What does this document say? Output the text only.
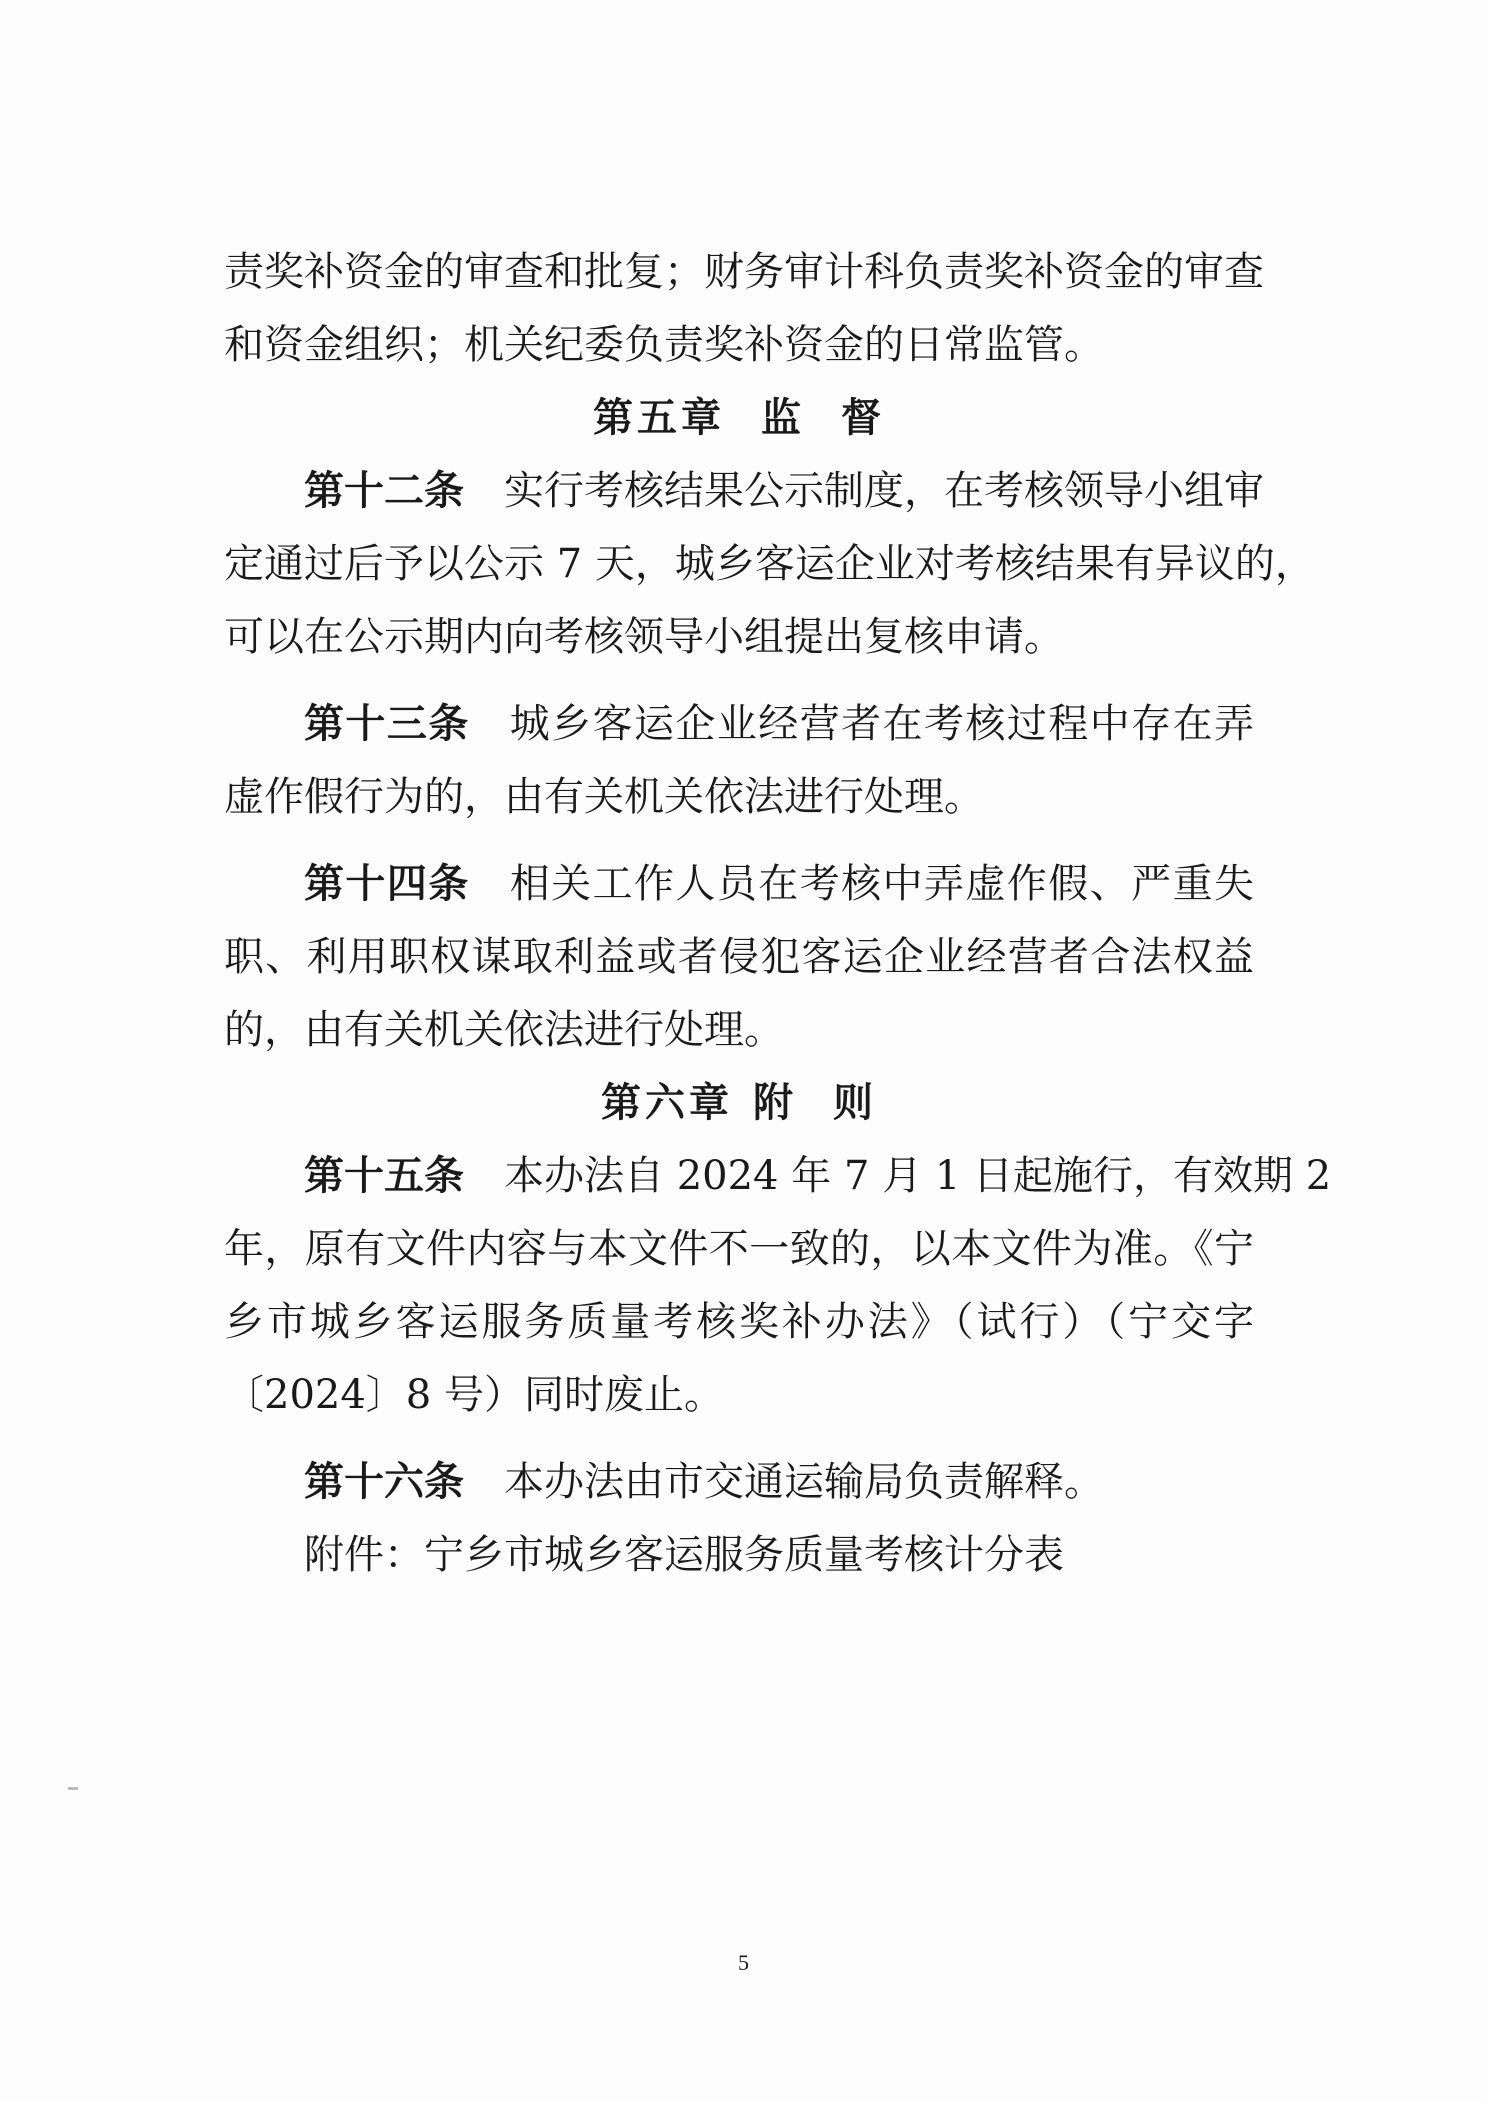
责奖补资金的审查和批复；财务审计科负责奖补资金的审查
和资金组织；机关纪委负责奖补资金的日常监管。
第五章 监 督
第十二条 实行考核结果公示制度，在考核领导小组审
定通过后予以公示 7 天，城乡客运企业对考核结果有异议的，
可以在公示期内向考核领导小组提出复核申请。
第十三条 城乡客运企业经营者在考核过程中存在弄
虚作假行为的，由有关机关依法进行处理。
第十四条 相关工作人员在考核中弄虚作假、严重失
职、利用职权谋取利益或者侵犯客运企业经营者合法权益
的，由有关机关依法进行处理。
第六章 附 则
第十五条 本办法自 2024 年 7 月 1 日起施行，有效期 2
年，原有文件内容与本文件不一致的，以本文件为准。《宁
乡市城乡客运服务质量考核奖补办法》（试行）（宁交字
〔2024〕8 号）同时废止。
第十六条 本办法由市交通运输局负责解释。
附件：宁乡市城乡客运服务质量考核计分表
5
